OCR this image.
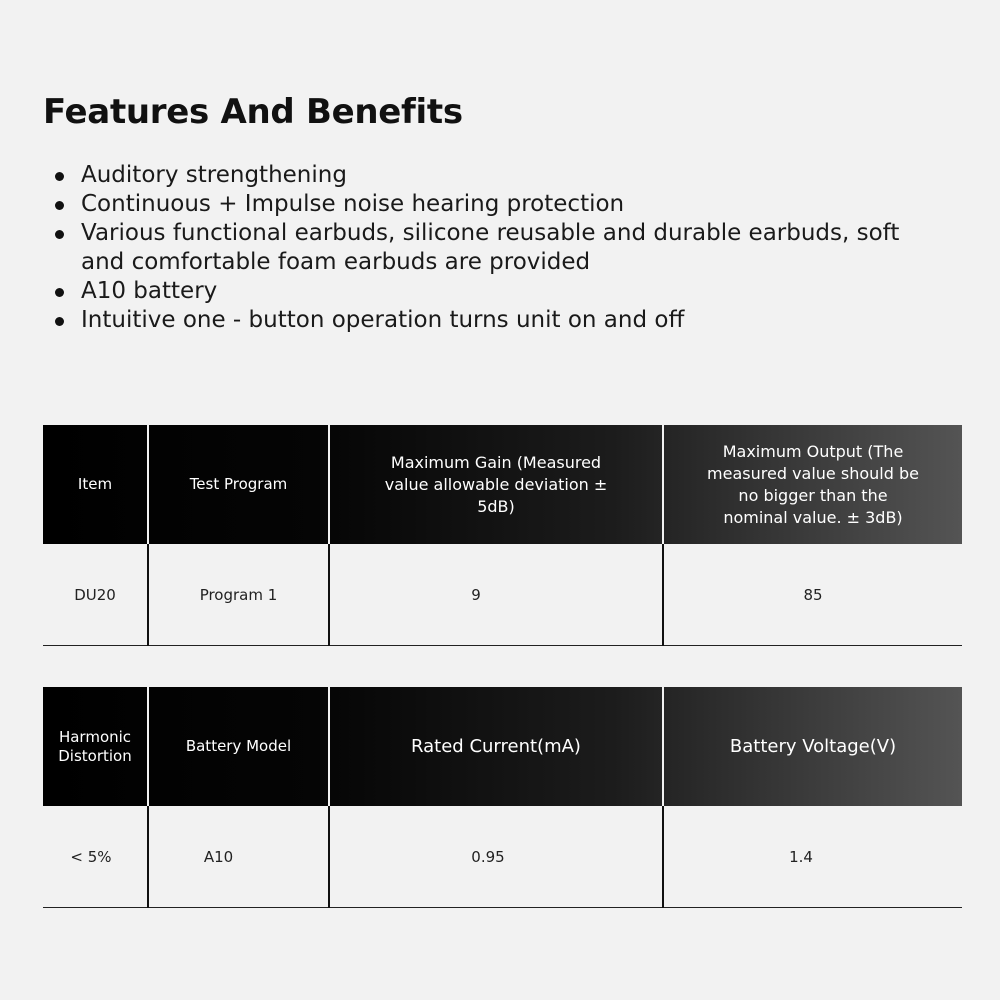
Features And Benefits
Auditory strengthening
Continuous + Impulse noise hearing protection
Various functional earbuds, silicone reusable and durable earbuds, soft and comfortable foam earbuds are provided
A10 battery
Intuitive one - button operation turns unit on and off
Item	Test Program	Maximum Gain (Measured value allowable deviation ± 5dB)	Maximum Output (The measured value should be no bigger than the nominal value. ± 3dB)
DU20	Program 1	9	85
Harmonic Distortion	Battery Model	Rated Current(mA)	Battery Voltage(V)
< 5%	A10	0.95	1.4
